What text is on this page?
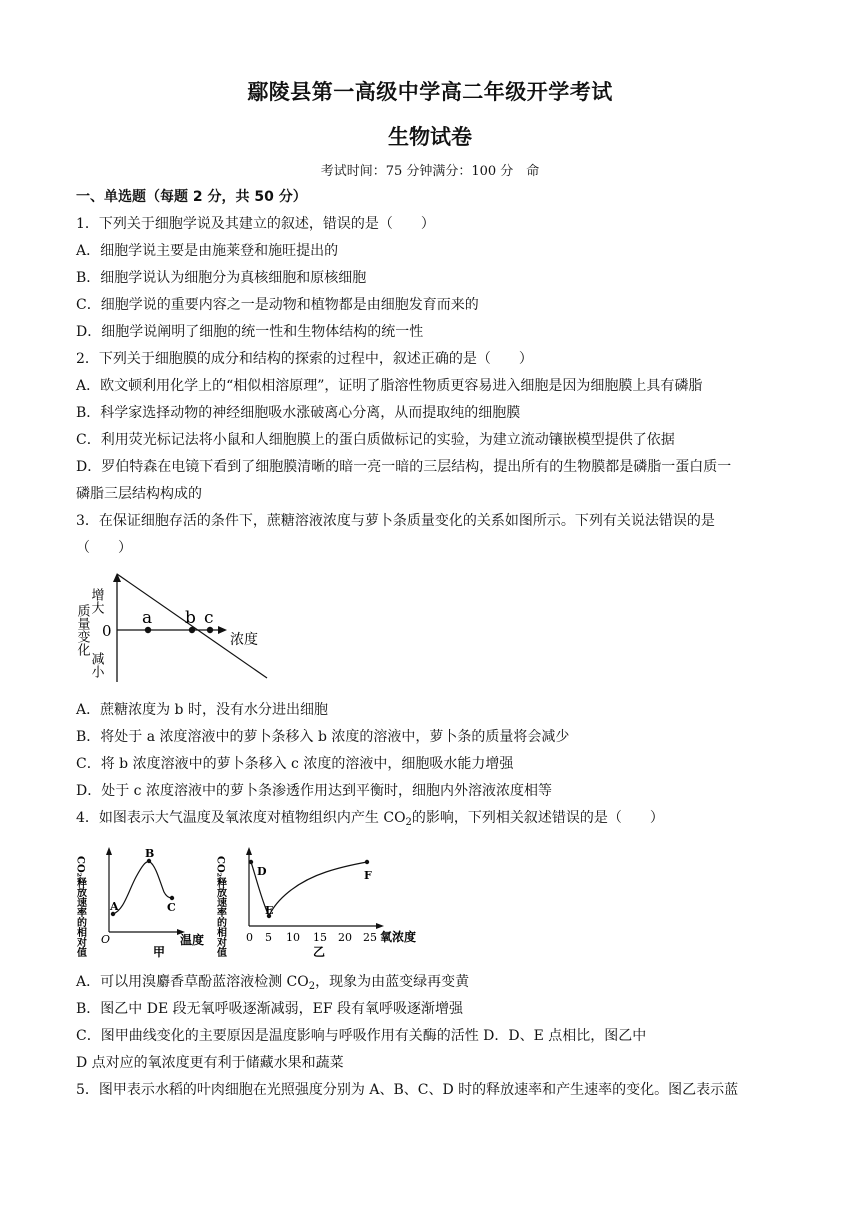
鄢陵县第一高级中学高二年级开学考试
生物试卷
考试时间：75 分钟满分：100 分　命
一、单选题（每题 2 分，共 50 分）
1．下列关于细胞学说及其建立的叙述，错误的是（　　）
A．细胞学说主要是由施莱登和施旺提出的
B．细胞学说认为细胞分为真核细胞和原核细胞
C．细胞学说的重要内容之一是动物和植物都是由细胞发育而来的
D．细胞学说阐明了细胞的统一性和生物体结构的统一性
2．下列关于细胞膜的成分和结构的探索的过程中，叙述正确的是（　　）
A．欧文顿利用化学上的“相似相溶原理”，证明了脂溶性物质更容易进入细胞是因为细胞膜上具有磷脂
B．科学家选择动物的神经细胞吸水涨破离心分离，从而提取纯的细胞膜
C．利用荧光标记法将小鼠和人细胞膜上的蛋白质做标记的实验，为建立流动镶嵌模型提供了依据
D．罗伯特森在电镜下看到了细胞膜清晰的暗一亮一暗的三层结构，提出所有的生物膜都是磷脂一蛋白质一
磷脂三层结构构成的
3．在保证细胞存活的条件下，蔗糖溶液浓度与萝卜条质量变化的关系如图所示。下列有关说法错误的是
（　　）
a b c
增大
质量变化 0
减小
浓度
A．蔗糖浓度为 b 时，没有水分进出细胞
B．将处于 a 浓度溶液中的萝卜条移入 b 浓度的溶液中，萝卜条的质量将会减少
C．将 b 浓度溶液中的萝卜条移入 c 浓度的溶液中，细胞吸水能力增强
D．处于 c 浓度溶液中的萝卜条渗透作用达到平衡时，细胞内外溶液浓度相等
4．如图表示大气温度及氧浓度对植物组织内产生 $CO_2$的影响，下列相关叙述错误的是（　　）
A
B
C
CO₂释放速率的相对值 O	温度
甲
D
E
F
CO₂释放速率的相对值 0 5 10 15 20 25 氧浓度
乙
A．可以用溴麝香草酚蓝溶液检测 $CO_2$，现象为由蓝变绿再变黄
B．图乙中 DE 段无氧呼吸逐渐减弱，EF 段有氧呼吸逐渐增强
C．图甲曲线变化的主要原因是温度影响与呼吸作用有关酶的活性 D．D、E 点相比，图乙中
D 点对应的氧浓度更有利于储藏水果和蔬菜
5．图甲表示水稻的叶肉细胞在光照强度分别为 A、B、C、D 时的释放速率和产生速率的变化。图乙表示蓝
